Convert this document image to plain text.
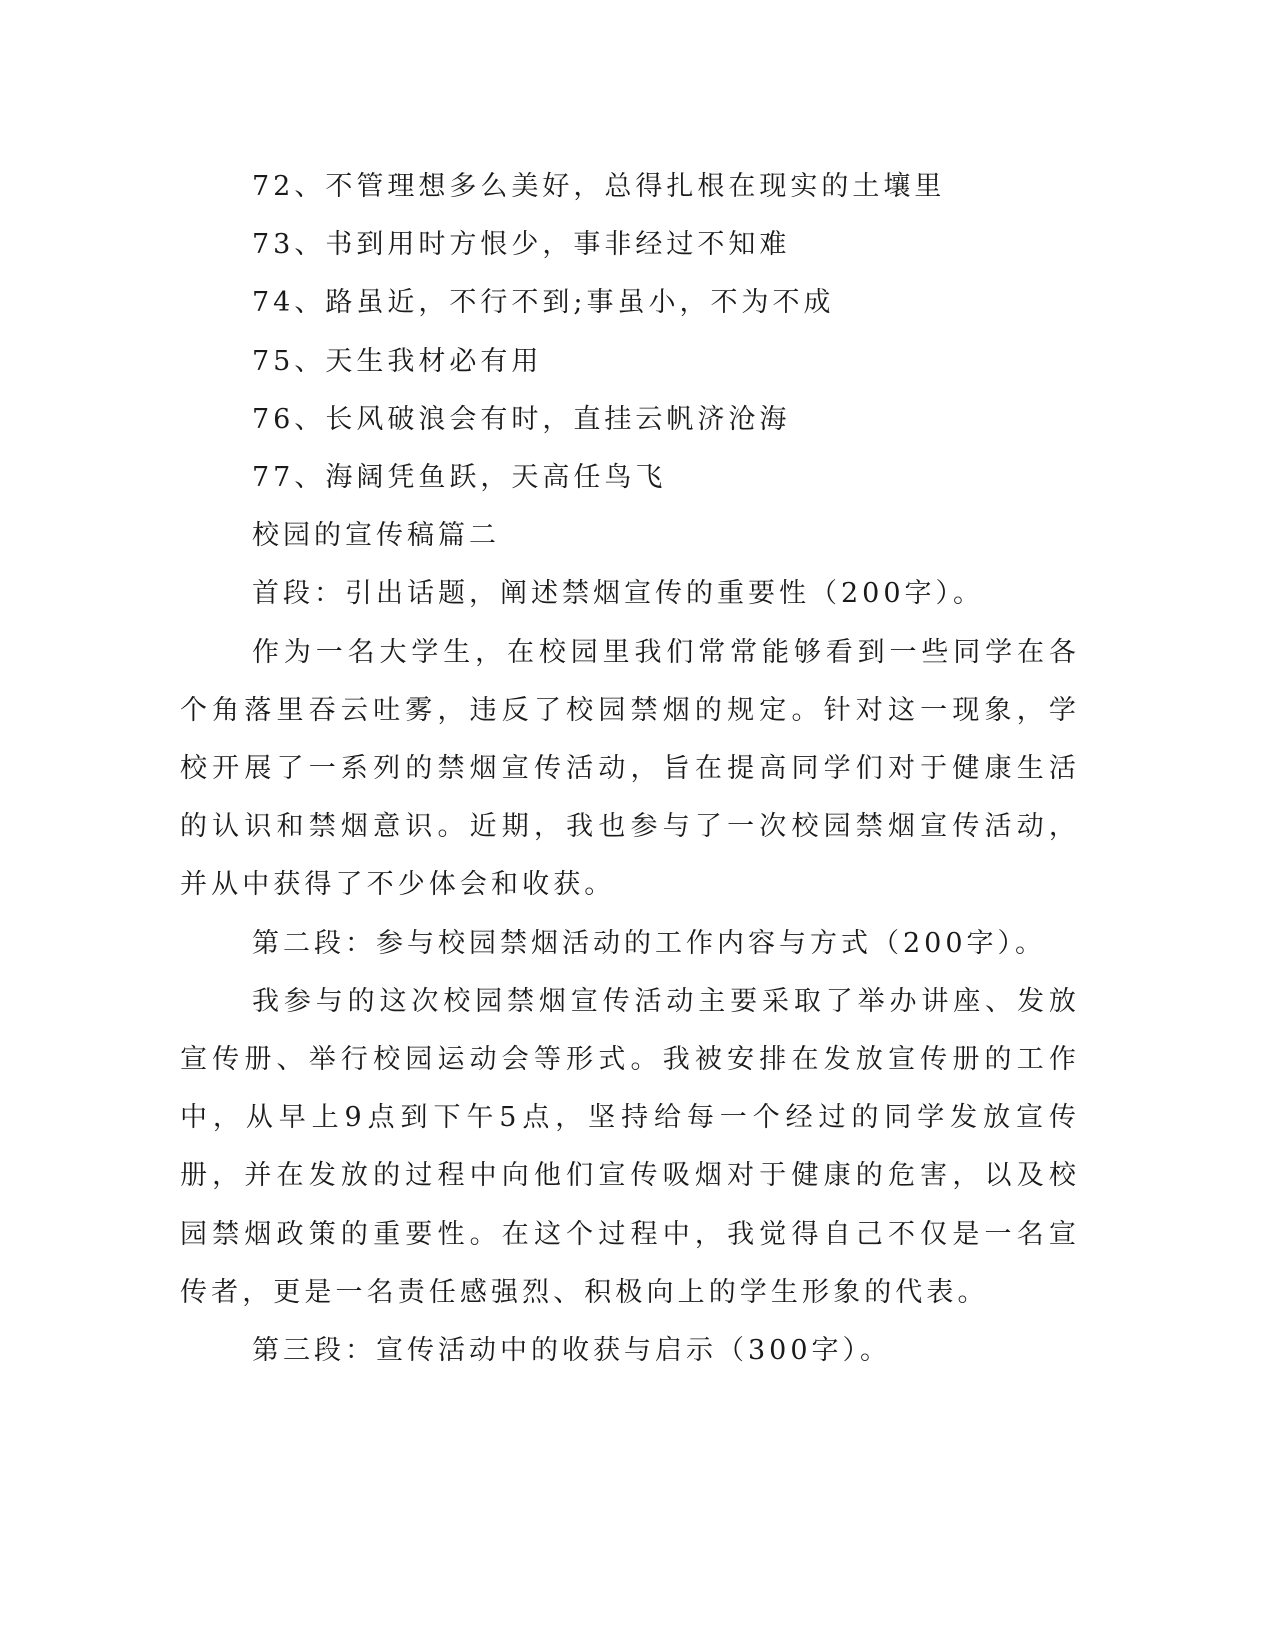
72、不管理想多么美好，总得扎根在现实的土壤里

73、书到用时方恨少，事非经过不知难

74、路虽近，不行不到;事虽小，不为不成

75、天生我材必有用

76、长风破浪会有时，直挂云帆济沧海

77、海阔凭鱼跃，天高任鸟飞

校园的宣传稿篇二

首段：引出话题，阐述禁烟宣传的重要性（200字）。

作为一名大学生，在校园里我们常常能够看到一些同学在各个角落里吞云吐雾，违反了校园禁烟的规定。针对这一现象，学校开展了一系列的禁烟宣传活动，旨在提高同学们对于健康生活的认识和禁烟意识。近期，我也参与了一次校园禁烟宣传活动，并从中获得了不少体会和收获。

第二段：参与校园禁烟活动的工作内容与方式（200字）。

我参与的这次校园禁烟宣传活动主要采取了举办讲座、发放宣传册、举行校园运动会等形式。我被安排在发放宣传册的工作中，从早上9点到下午5点，坚持给每一个经过的同学发放宣传册，并在发放的过程中向他们宣传吸烟对于健康的危害，以及校园禁烟政策的重要性。在这个过程中，我觉得自己不仅是一名宣传者，更是一名责任感强烈、积极向上的学生形象的代表。

第三段：宣传活动中的收获与启示（300字）。
